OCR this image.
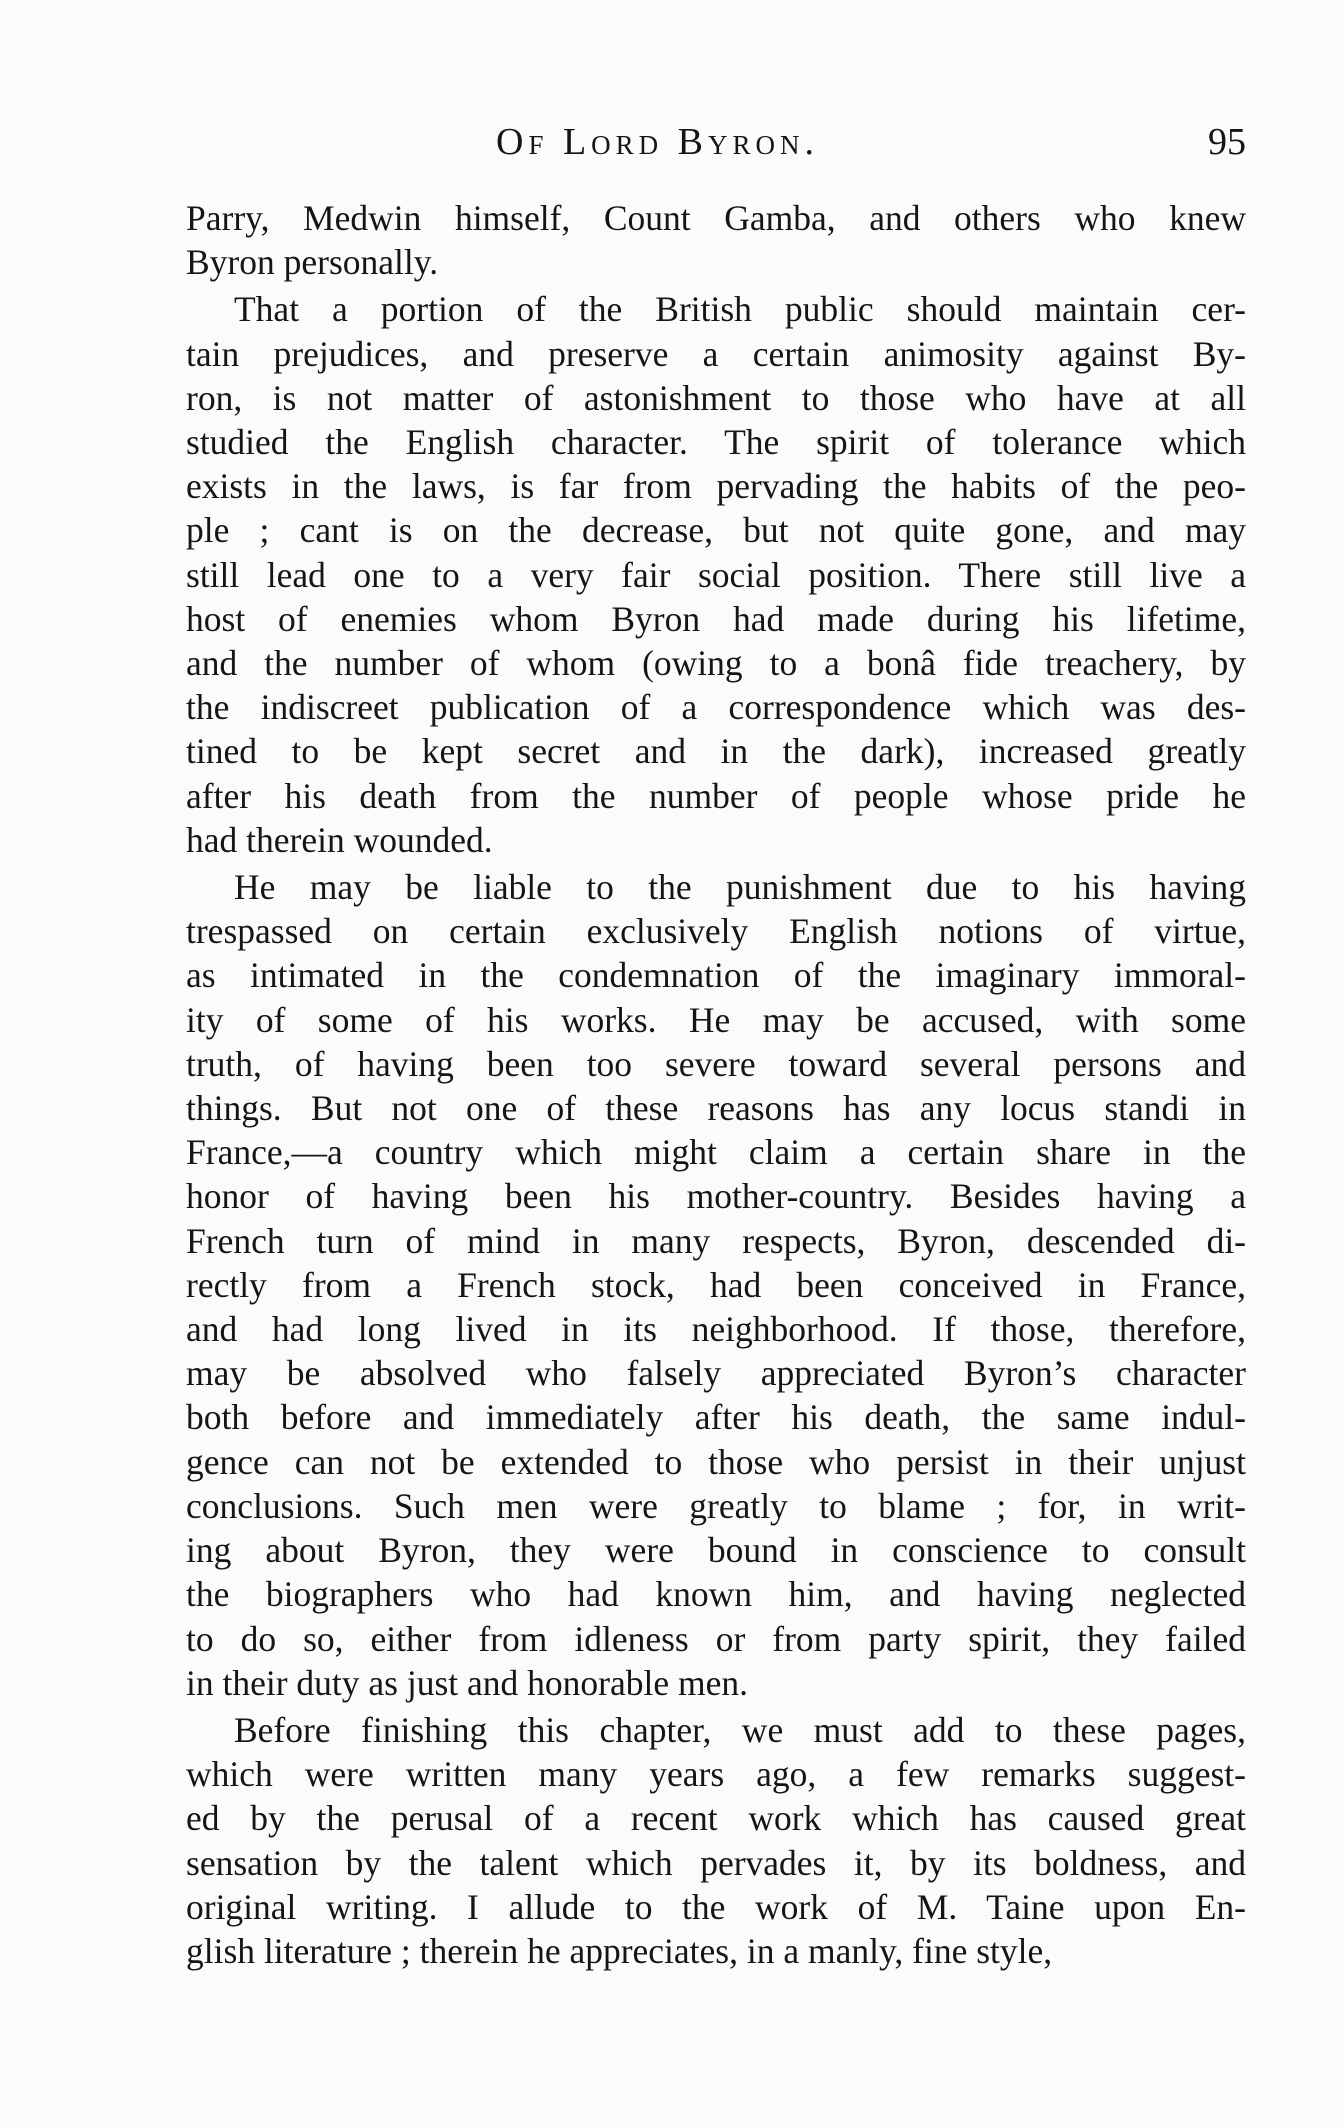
Of Lord Byron.	95
Parry, Medwin himself, Count Gamba, and others who knew
Byron personally.
That a portion of the British public should maintain cer-
tain prejudices, and preserve a certain animosity against By-
ron, is not matter of astonishment to those who have at all
studied the English character. The spirit of tolerance which
exists in the laws, is far from pervading the habits of the peo-
ple ; cant is on the decrease, but not quite gone, and may
still lead one to a very fair social position. There still live a
host of enemies whom Byron had made during his lifetime,
and the number of whom (owing to a bonâ fide treachery, by
the indiscreet publication of a correspondence which was des-
tined to be kept secret and in the dark), increased greatly
after his death from the number of people whose pride he
had therein wounded.
He may be liable to the punishment due to his having
trespassed on certain exclusively English notions of virtue,
as intimated in the condemnation of the imaginary immoral-
ity of some of his works. He may be accused, with some
truth, of having been too severe toward several persons and
things. But not one of these reasons has any locus standi in
France,—a country which might claim a certain share in the
honor of having been his mother-country. Besides having a
French turn of mind in many respects, Byron, descended di-
rectly from a French stock, had been conceived in France,
and had long lived in its neighborhood. If those, therefore,
may be absolved who falsely appreciated Byron’s character
both before and immediately after his death, the same indul-
gence can not be extended to those who persist in their unjust
conclusions. Such men were greatly to blame ; for, in writ-
ing about Byron, they were bound in conscience to consult
the biographers who had known him, and having neglected
to do so, either from idleness or from party spirit, they failed
in their duty as just and honorable men.
Before finishing this chapter, we must add to these pages,
which were written many years ago, a few remarks suggest-
ed by the perusal of a recent work which has caused great
sensation by the talent which pervades it, by its boldness, and
original writing. I allude to the work of M. Taine upon En-
glish literature ; therein he appreciates, in a manly, fine style,
